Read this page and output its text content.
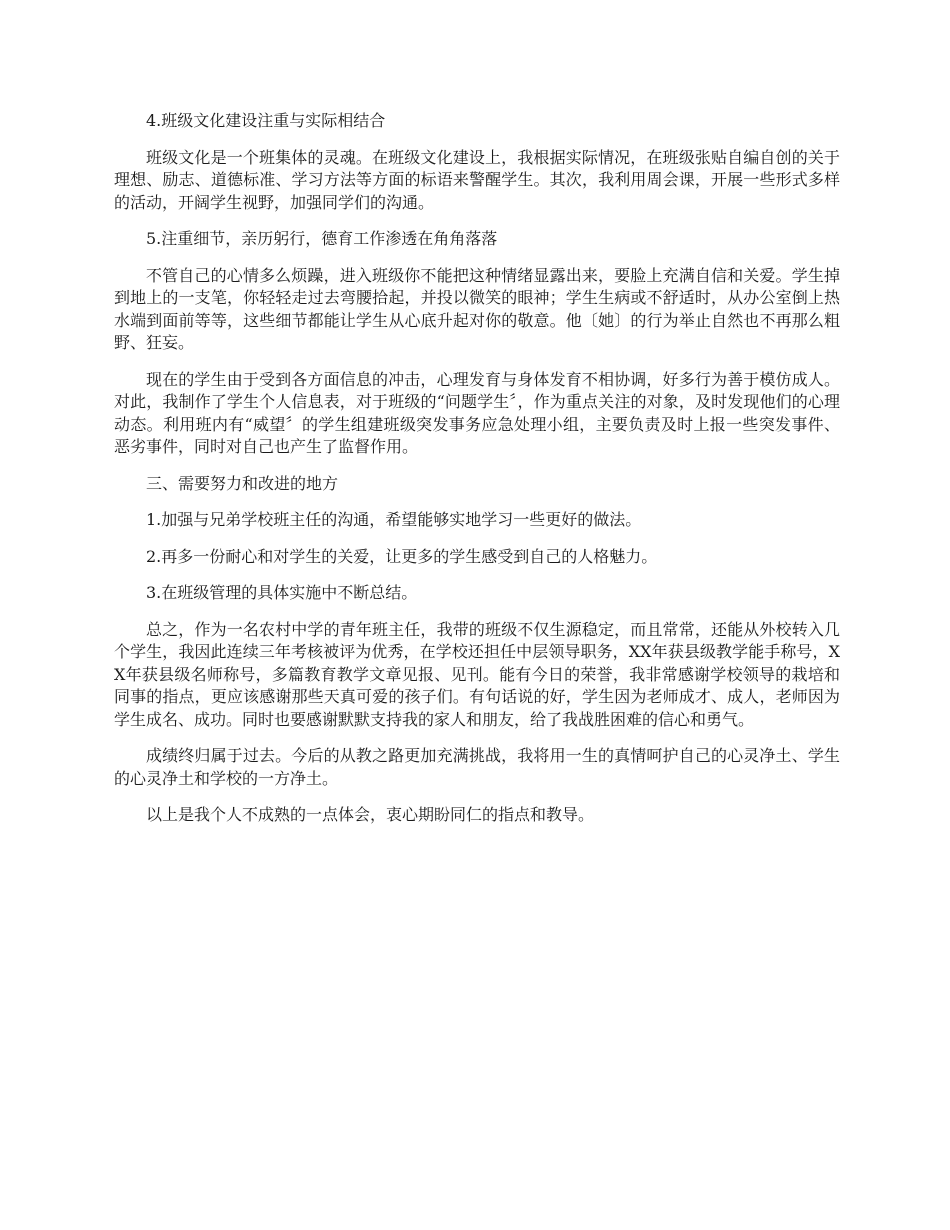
4.班级文化建设注重与实际相结合

班级文化是一个班集体的灵魂。在班级文化建设上，我根据实际情况，在班级张贴自编自创的关于理想、励志、道德标准、学习方法等方面的标语来警醒学生。其次，我利用周会课，开展一些形式多样的活动，开阔学生视野，加强同学们的沟通。

5.注重细节，亲历躬行，德育工作渗透在角角落落

不管自己的心情多么烦躁，进入班级你不能把这种情绪显露出来，要脸上充满自信和关爱。学生掉到地上的一支笔，你轻轻走过去弯腰拾起，并投以微笑的眼神；学生生病或不舒适时，从办公室倒上热水端到面前等等，这些细节都能让学生从心底升起对你的敬意。他〔她〕的行为举止自然也不再那么粗野、狂妄。

现在的学生由于受到各方面信息的冲击，心理发育与身体发育不相协调，好多行为善于模仿成人。对此，我制作了学生个人信息表，对于班级的“问题学生〞，作为重点关注的对象，及时发现他们的心理动态。利用班内有“威望〞的学生组建班级突发事务应急处理小组，主要负责及时上报一些突发事件、恶劣事件，同时对自己也产生了监督作用。

三、需要努力和改进的地方

1.加强与兄弟学校班主任的沟通，希望能够实地学习一些更好的做法。

2.再多一份耐心和对学生的关爱，让更多的学生感受到自己的人格魅力。

3.在班级管理的具体实施中不断总结。

总之，作为一名农村中学的青年班主任，我带的班级不仅生源稳定，而且常常，还能从外校转入几个学生，我因此连续三年考核被评为优秀，在学校还担任中层领导职务，XX年获县级教学能手称号，XX年获县级名师称号，多篇教育教学文章见报、见刊。能有今日的荣誉，我非常感谢学校领导的栽培和同事的指点，更应该感谢那些天真可爱的孩子们。有句话说的好，学生因为老师成才、成人，老师因为学生成名、成功。同时也要感谢默默支持我的家人和朋友，给了我战胜困难的信心和勇气。

成绩终归属于过去。今后的从教之路更加充满挑战，我将用一生的真情呵护自己的心灵净土、学生的心灵净土和学校的一方净土。

以上是我个人不成熟的一点体会，衷心期盼同仁的指点和教导。
